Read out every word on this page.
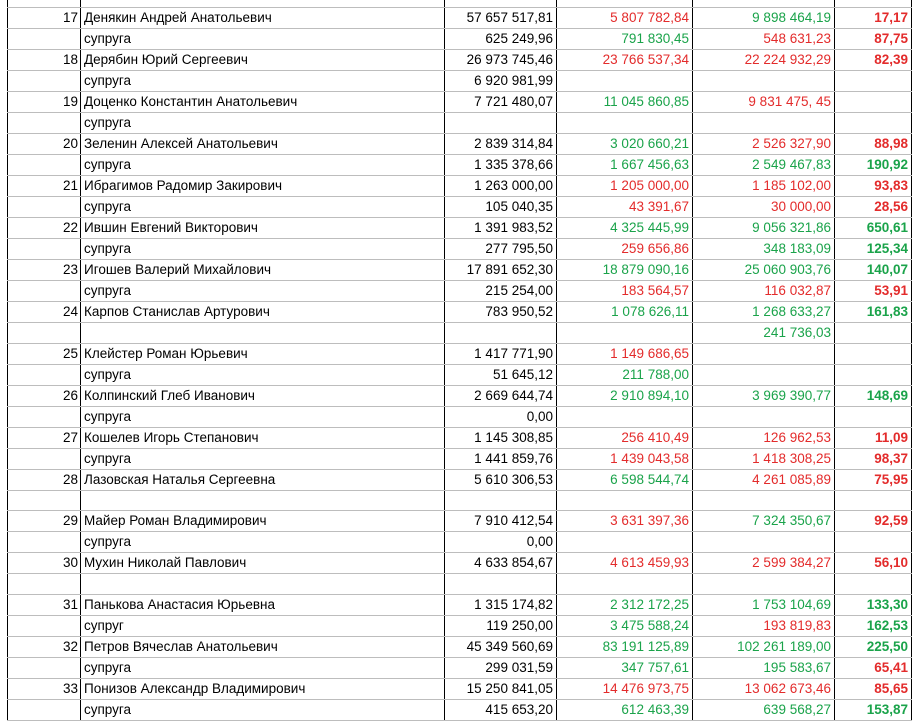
17	Денякин Андрей Анатольевич	57 657 517,81	5 807 782,84	9 898 464,19	17,17
	супруга	625 249,96	791 830,45	548 631,23	87,75
18	Дерябин Юрий Сергеевич	26 973 745,46	23 766 537,34	22 224 932,29	82,39
	супруга	6 920 981,99			
19	Доценко Константин Анатольевич	7 721 480,07	11 045 860,85	9 831 475, 45	
	супруга				
20	Зеленин Алексей Анатольевич	2 839 314,84	3 020 660,21	2 526 327,90	88,98
	супруга	1 335 378,66	1 667 456,63	2 549 467,83	190,92
21	Ибрагимов Радомир Закирович	1 263 000,00	1 205 000,00	1 185 102,00	93,83
	супруга	105 040,35	43 391,67	30 000,00	28,56
22	Ившин Евгений Викторович	1 391 983,52	4 325 445,99	9 056 321,86	650,61
	супруга	277 795,50	259 656,86	348 183,09	125,34
23	Игошев Валерий Михайлович	17 891 652,30	18 879 090,16	25 060 903,76	140,07
	супруга	215 254,00	183 564,57	116 032,87	53,91
24	Карпов Станислав Артурович	783 950,52	1 078 626,11	1 268 633,27	161,83
				241 736,03	
25	Клейстер Роман Юрьевич	1 417 771,90	1 149 686,65		
	супруга	51 645,12	211 788,00		
26	Колпинский Глеб Иванович	2 669 644,74	2 910 894,10	3 969 390,77	148,69
	супруга	0,00			
27	Кошелев Игорь Степанович	1 145 308,85	256 410,49	126 962,53	11,09
	супруга	1 441 859,76	1 439 043,58	1 418 308,25	98,37
28	Лазовская Наталья Сергеевна	5 610 306,53	6 598 544,74	4 261 085,89	75,95

29	Майер Роман Владимирович	7 910 412,54	3 631 397,36	7 324 350,67	92,59
	супруга	0,00			
30	Мухин Николай Павлович	4 633 854,67	4 613 459,93	2 599 384,27	56,10

31	Панькова Анастасия Юрьевна	1 315 174,82	2 312 172,25	1 753 104,69	133,30
	супруг	119 250,00	3 475 588,24	193 819,83	162,53
32	Петров Вячеслав Анатольевич	45 349 560,69	83 191 125,89	102 261 189,00	225,50
	супруга	299 031,59	347 757,61	195 583,67	65,41
33	Понизов Александр Владимирович	15 250 841,05	14 476 973,75	13 062 673,46	85,65
	супруга	415 653,20	612 463,39	639 568,27	153,87
